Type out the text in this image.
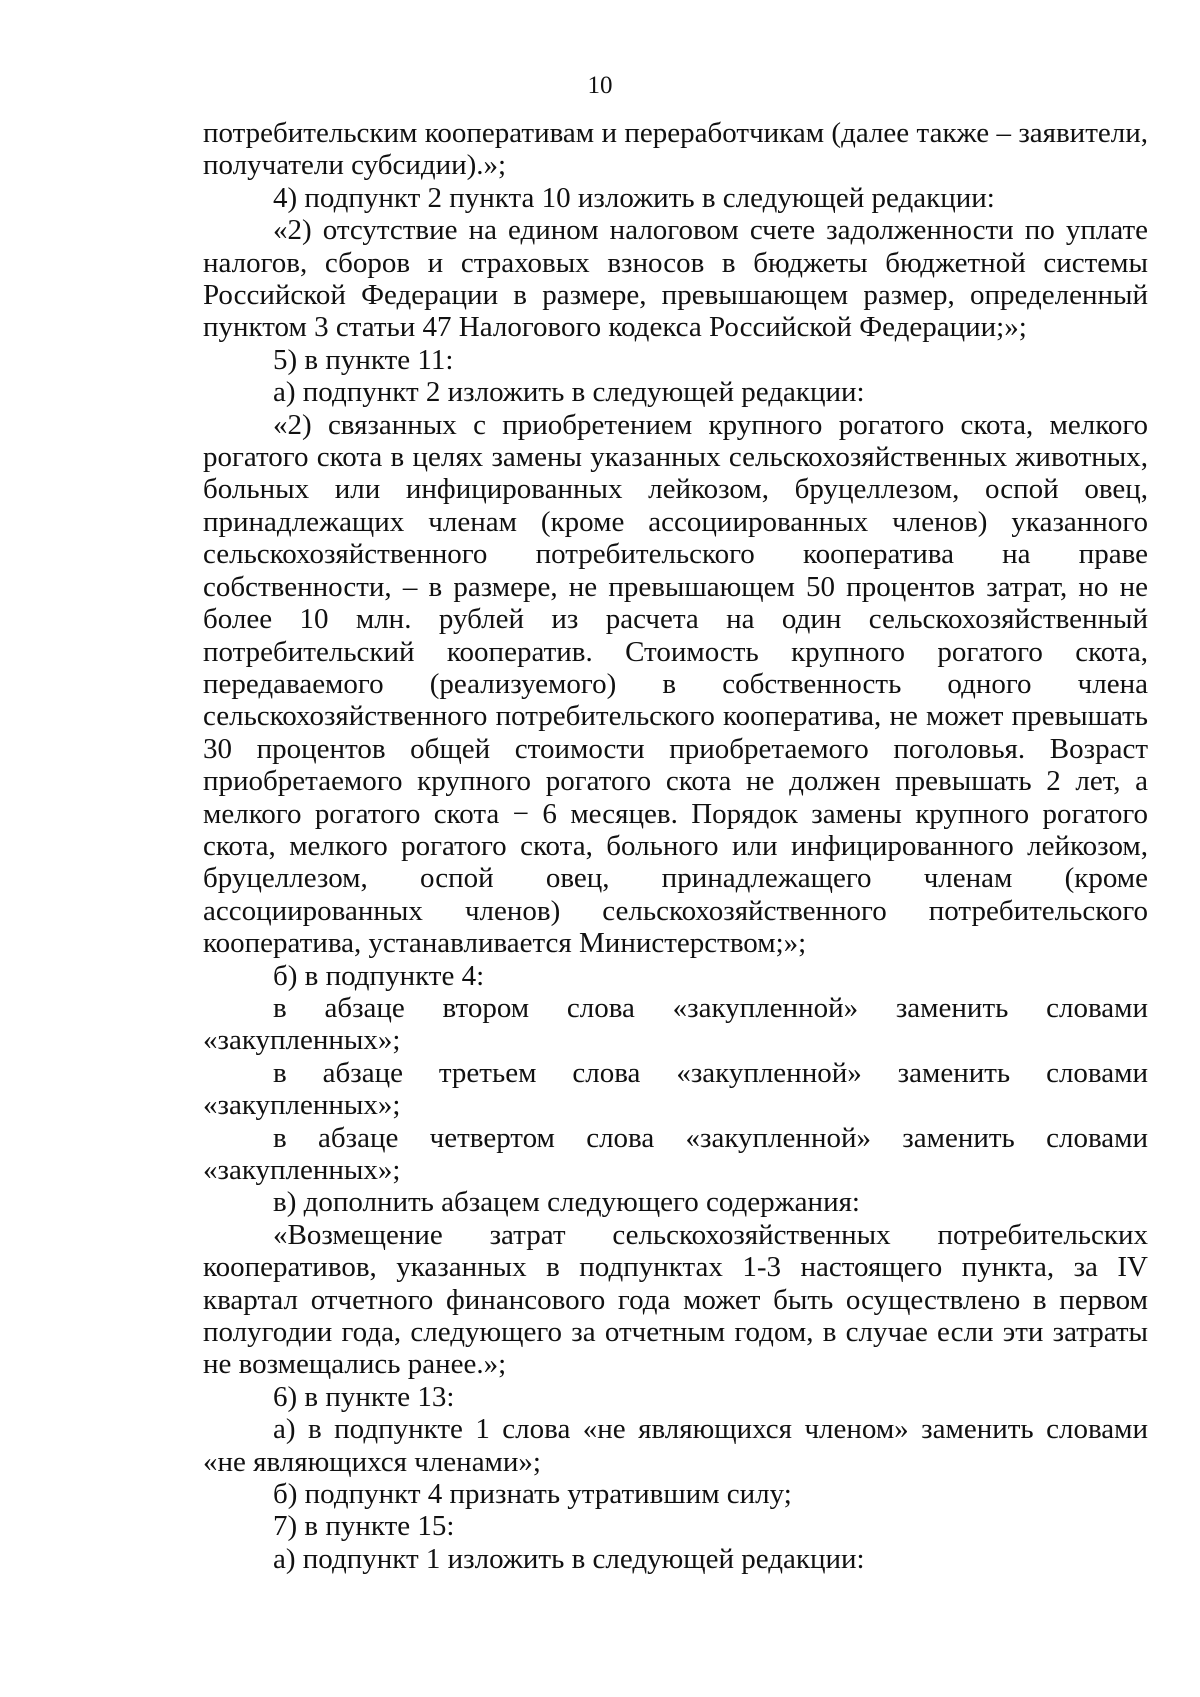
10

потребительским кооперативам и переработчикам (далее также – заявители, получатели субсидии).»;

4) подпункт 2 пункта 10 изложить в следующей редакции:

«2) отсутствие на едином налоговом счете задолженности по уплате налогов, сборов и страховых взносов в бюджеты бюджетной системы Российской Федерации в размере, превышающем размер, определенный пунктом 3 статьи 47 Налогового кодекса Российской Федерации;»;

5) в пункте 11:

а) подпункт 2 изложить в следующей редакции:

«2) связанных с приобретением крупного рогатого скота, мелкого рогатого скота в целях замены указанных сельскохозяйственных животных, больных или инфицированных лейкозом, бруцеллезом, оспой овец, принадлежащих членам (кроме ассоциированных членов) указанного сельскохозяйственного потребительского кооператива на праве собственности, – в размере, не превышающем 50 процентов затрат, но не более 10 млн. рублей из расчета на один сельскохозяйственный потребительский кооператив. Стоимость крупного рогатого скота, передаваемого (реализуемого) в собственность одного члена сельскохозяйственного потребительского кооператива, не может превышать 30 процентов общей стоимости приобретаемого поголовья. Возраст приобретаемого крупного рогатого скота не должен превышать 2 лет, а мелкого рогатого скота − 6 месяцев. Порядок замены крупного рогатого скота, мелкого рогатого скота, больного или инфицированного лейкозом, бруцеллезом, оспой овец, принадлежащего членам (кроме ассоциированных членов) сельскохозяйственного потребительского кооператива, устанавливается Министерством;»;

б) в подпункте 4:

в абзаце втором слова «закупленной» заменить словами «закупленных»;

в абзаце третьем слова «закупленной» заменить словами «закупленных»;

в абзаце четвертом слова «закупленной» заменить словами «закупленных»;

в) дополнить абзацем следующего содержания:

«Возмещение затрат сельскохозяйственных потребительских кооперативов, указанных в подпунктах 1-3 настоящего пункта, за IV квартал отчетного финансового года может быть осуществлено в первом полугодии года, следующего за отчетным годом, в случае если эти затраты не возмещались ранее.»;

6) в пункте 13:

а) в подпункте 1 слова «не являющихся членом» заменить словами «не являющихся членами»;

б) подпункт 4 признать утратившим силу;

7) в пункте 15:

а) подпункт 1 изложить в следующей редакции:
